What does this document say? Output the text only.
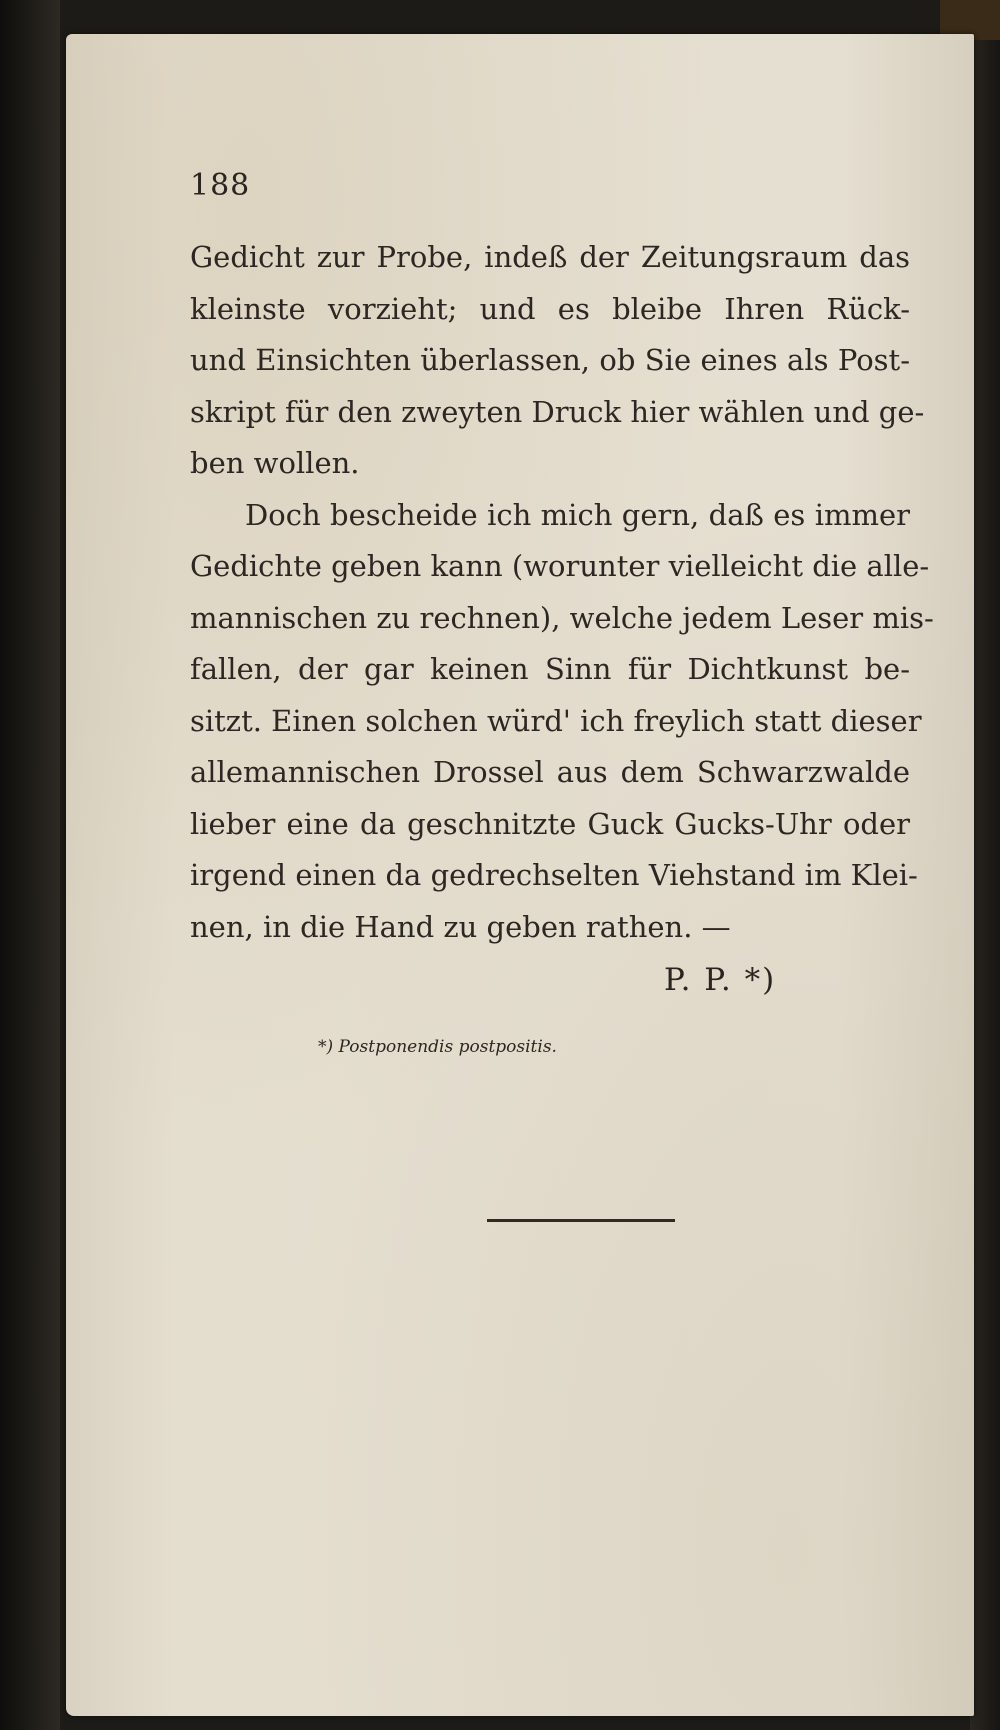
188
Gedicht zur Probe, indeß der Zeitungsraum das
kleinste vorzieht; und es bleibe Ihren Rück-
und Einsichten überlassen, ob Sie eines als Post-
skript für den zweyten Druck hier wählen und ge-
ben wollen.
Doch bescheide ich mich gern, daß es immer
Gedichte geben kann (worunter vielleicht die alle-
mannischen zu rechnen), welche jedem Leser mis-
fallen, der gar keinen Sinn für Dichtkunst be-
sitzt. Einen solchen würd' ich freylich statt dieser
allemannischen Drossel aus dem Schwarzwalde
lieber eine da geschnitzte Guck Gucks-Uhr oder
irgend einen da gedrechselten Viehstand im Klei-
nen, in die Hand zu geben rathen. —
P. P. *)
*) Postponendis postpositis.
